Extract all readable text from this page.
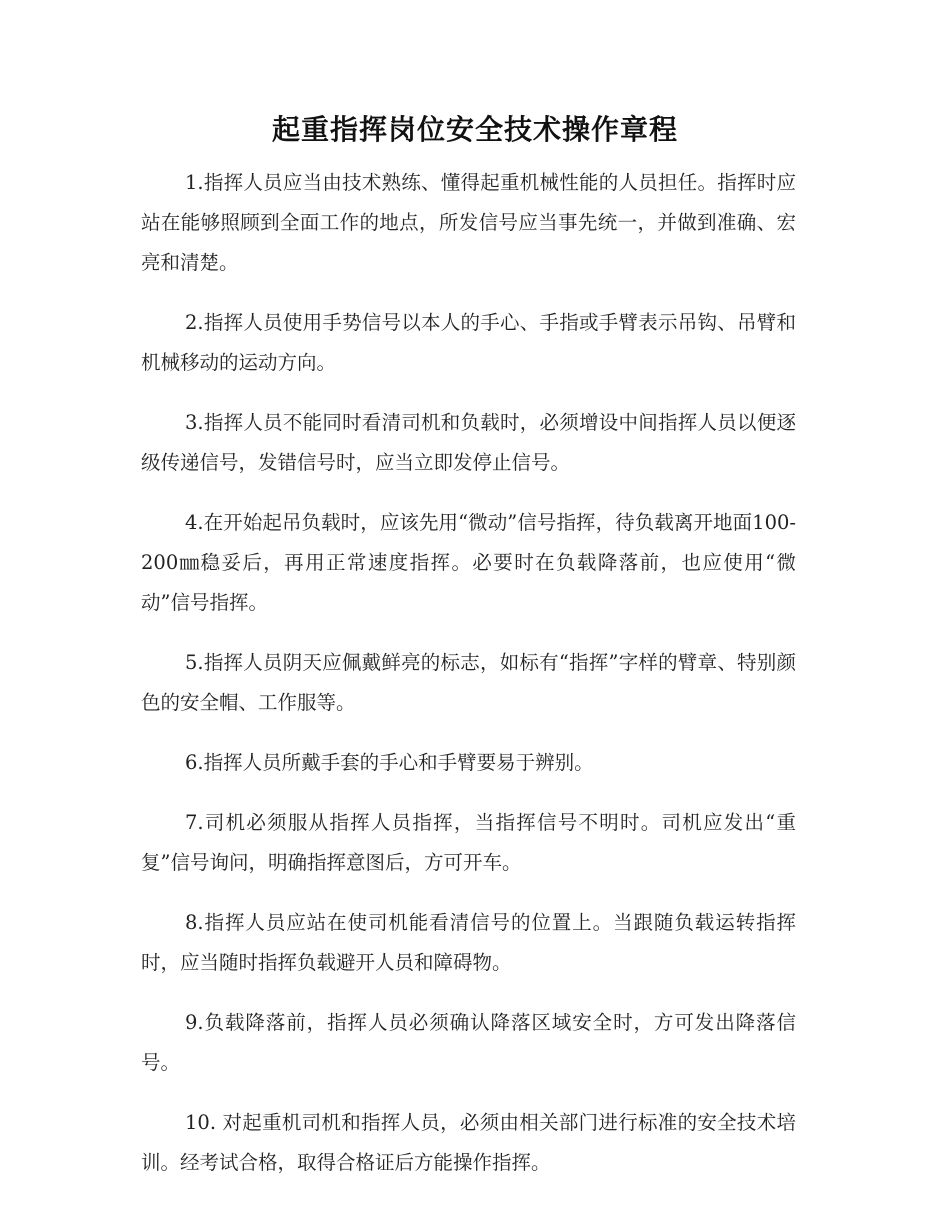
起重指挥岗位安全技术操作章程

1.指挥人员应当由技术熟练、懂得起重机械性能的人员担任。指挥时应站在能够照顾到全面工作的地点，所发信号应当事先统一，并做到准确、宏亮和清楚。

2.指挥人员使用手势信号以本人的手心、手指或手臂表示吊钩、吊臂和机械移动的运动方向。

3.指挥人员不能同时看清司机和负载时，必须增设中间指挥人员以便逐级传递信号，发错信号时，应当立即发停止信号。

4.在开始起吊负载时，应该先用“微动”信号指挥，待负载离开地面100-200㎜稳妥后，再用正常速度指挥。必要时在负载降落前，也应使用“微动”信号指挥。

5.指挥人员阴天应佩戴鲜亮的标志，如标有“指挥”字样的臂章、特别颜色的安全帽、工作服等。

6.指挥人员所戴手套的手心和手臂要易于辨别。

7.司机必须服从指挥人员指挥，当指挥信号不明时。司机应发出“重复”信号询问，明确指挥意图后，方可开车。

8.指挥人员应站在使司机能看清信号的位置上。当跟随负载运转指挥时，应当随时指挥负载避开人员和障碍物。

9.负载降落前，指挥人员必须确认降落区域安全时，方可发出降落信号。

10. 对起重机司机和指挥人员，必须由相关部门进行标准的安全技术培训。经考试合格，取得合格证后方能操作指挥。
